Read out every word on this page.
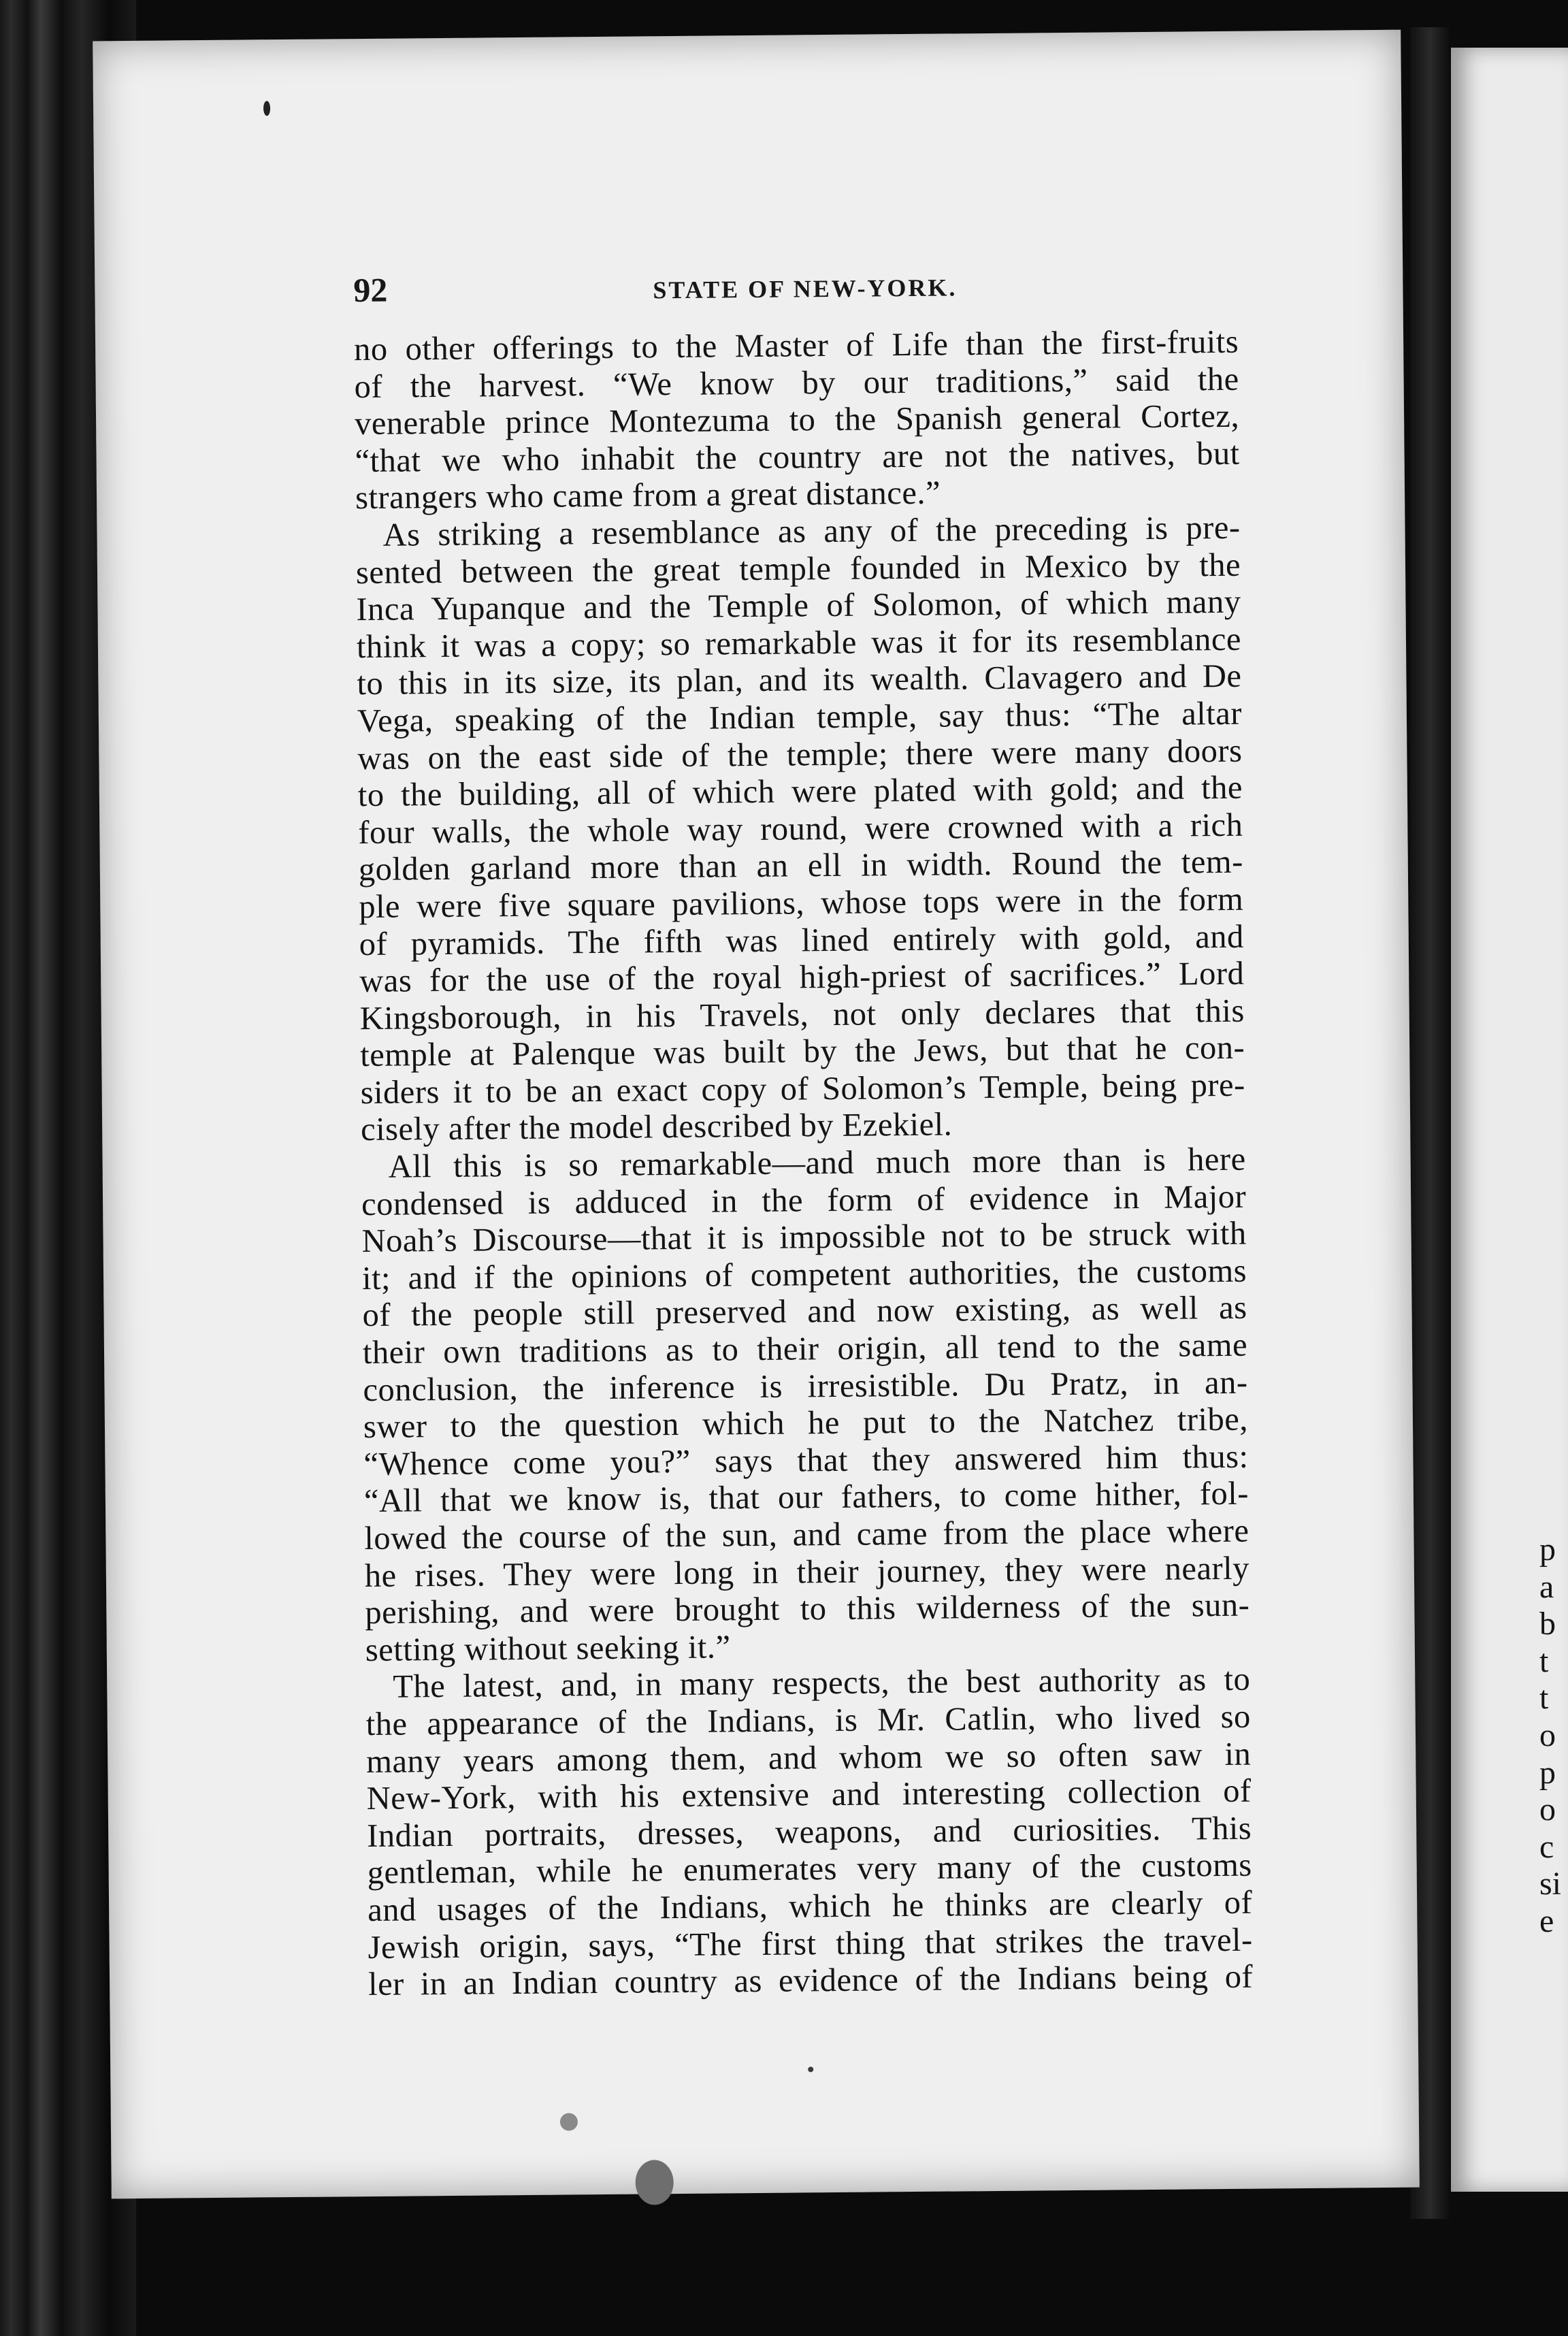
p
a
b
t
t
o
p
o
c
si
e

92	STATE OF NEW-YORK.

no other offerings to the Master of Life than the first-fruits
of the harvest. “We know by our traditions,” said the
venerable prince Montezuma to the Spanish general Cortez,
“that we who inhabit the country are not the natives, but
strangers who came from a great distance.”
As striking a resemblance as any of the preceding is pre-
sented between the great temple founded in Mexico by the
Inca Yupanque and the Temple of Solomon, of which many
think it was a copy; so remarkable was it for its resemblance
to this in its size, its plan, and its wealth. Clavagero and De
Vega, speaking of the Indian temple, say thus: “The altar
was on the east side of the temple; there were many doors
to the building, all of which were plated with gold; and the
four walls, the whole way round, were crowned with a rich
golden garland more than an ell in width. Round the tem-
ple were five square pavilions, whose tops were in the form
of pyramids. The fifth was lined entirely with gold, and
was for the use of the royal high-priest of sacrifices.” Lord
Kingsborough, in his Travels, not only declares that this
temple at Palenque was built by the Jews, but that he con-
siders it to be an exact copy of Solomon’s Temple, being pre-
cisely after the model described by Ezekiel.
All this is so remarkable—and much more than is here
condensed is adduced in the form of evidence in Major
Noah’s Discourse—that it is impossible not to be struck with
it; and if the opinions of competent authorities, the customs
of the people still preserved and now existing, as well as
their own traditions as to their origin, all tend to the same
conclusion, the inference is irresistible. Du Pratz, in an-
swer to the question which he put to the Natchez tribe,
“Whence come you?” says that they answered him thus:
“All that we know is, that our fathers, to come hither, fol-
lowed the course of the sun, and came from the place where
he rises. They were long in their journey, they were nearly
perishing, and were brought to this wilderness of the sun-
setting without seeking it.”
The latest, and, in many respects, the best authority as to
the appearance of the Indians, is Mr. Catlin, who lived so
many years among them, and whom we so often saw in
New-York, with his extensive and interesting collection of
Indian portraits, dresses, weapons, and curiosities. This
gentleman, while he enumerates very many of the customs
and usages of the Indians, which he thinks are clearly of
Jewish origin, says, “The first thing that strikes the travel-
ler in an Indian country as evidence of the Indians being of
